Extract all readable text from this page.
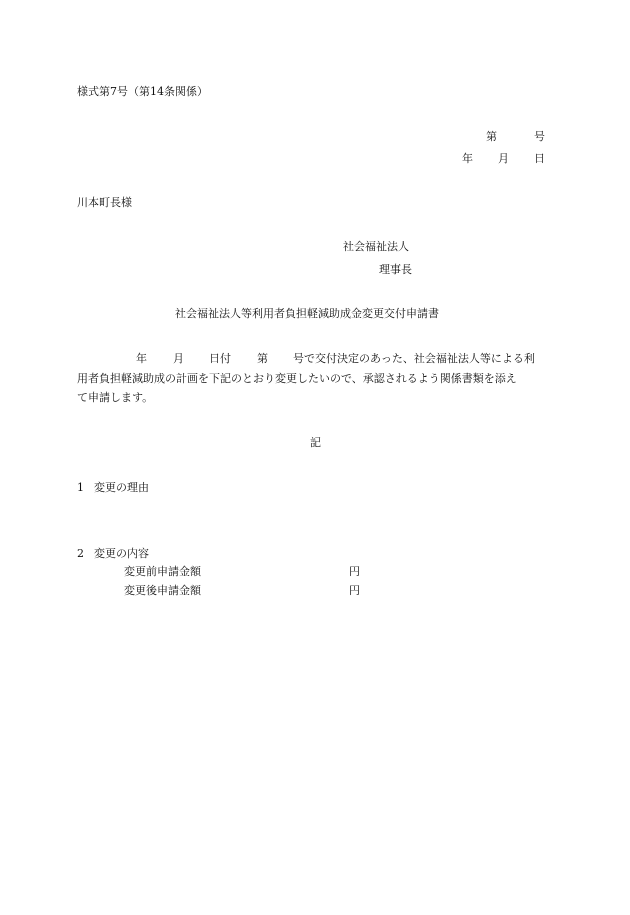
様式第7号（第14条関係）
第	号
年 月 日
川本町長様
社会福祉法人
理事長
社会福祉法人等利用者負担軽減助成金変更交付申請書
年 月 日付 第 号で交付決定のあった、社会福祉法人等による利
用者負担軽減助成の計画を下記のとおり変更したいので、承認されるよう関係書類を添え
て申請します。
記
1 変更の理由
2 変更の内容
変更前申請金額	円
変更後申請金額	円
